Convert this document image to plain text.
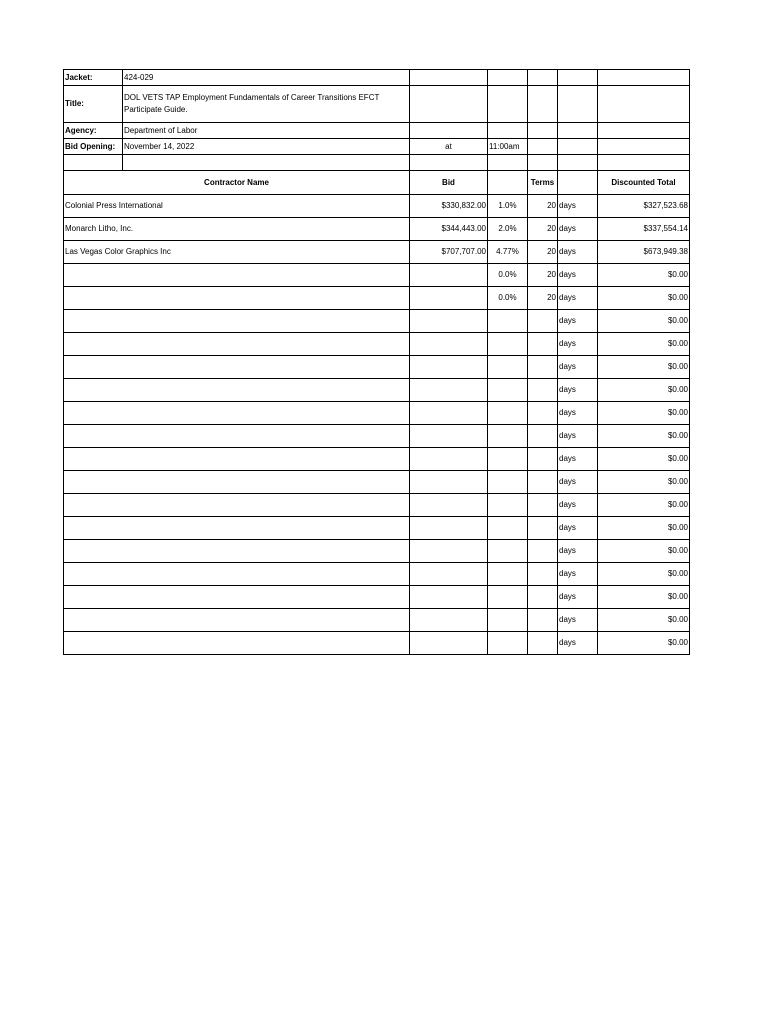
Jacket:	424-029					
Title:	DOL VETS TAP Employment Fundamentals of Career Transitions EFCT Participate Guide.					
Agency:	Department of Labor					
Bid Opening:	November 14, 2022	at	11:00am			

Contractor Name		Bid		Terms		Discounted Total
Colonial Press International		$330,832.00	1.0%	20	days	$327,523.68
Monarch Litho, Inc.		$344,443.00	2.0%	20	days	$337,554.14
Las Vegas Color Graphics Inc		$707,707.00	4.77%	20	days	$673,949.38
			0.0%	20	days	$0.00
			0.0%	20	days	$0.00
					days	$0.00
					days	$0.00
					days	$0.00
					days	$0.00
					days	$0.00
					days	$0.00
					days	$0.00
					days	$0.00
					days	$0.00
					days	$0.00
					days	$0.00
					days	$0.00
					days	$0.00
					days	$0.00
					days	$0.00
